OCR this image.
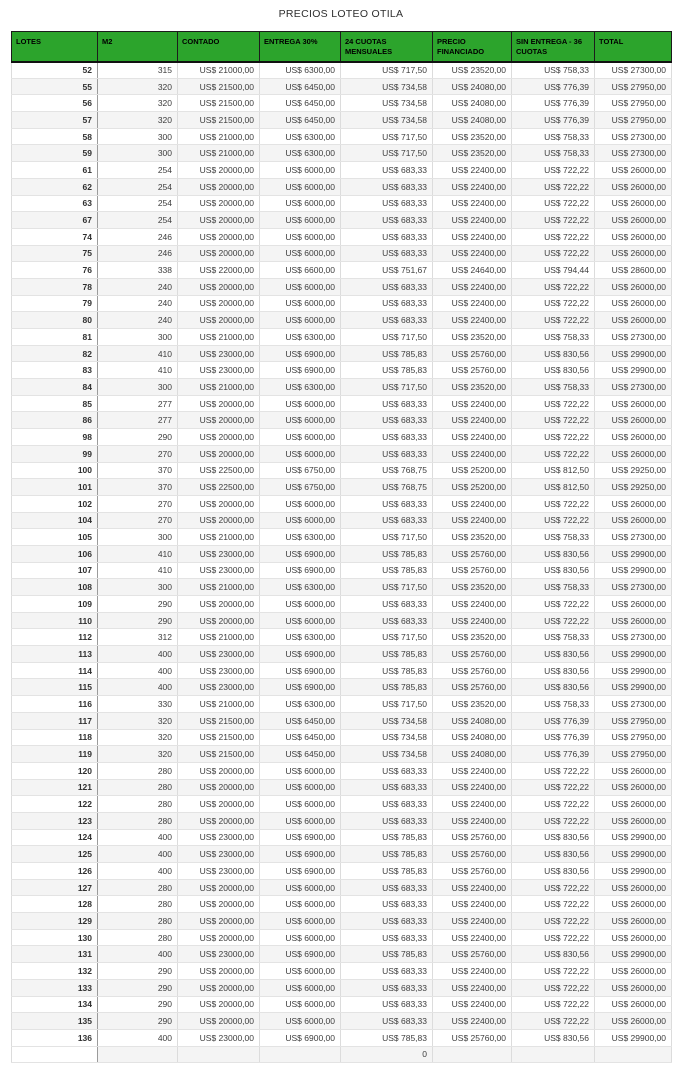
PRECIOS LOTEO OTILA
LOTES	M2	CONTADO	ENTREGA 30%	24 CUOTAS MENSUALES	PRECIO FINANCIADO	SIN ENTREGA - 36 CUOTAS	TOTAL
52	315	US$ 21000,00	US$ 6300,00	US$ 717,50	US$ 23520,00	US$ 758,33	US$ 27300,00
55	320	US$ 21500,00	US$ 6450,00	US$ 734,58	US$ 24080,00	US$ 776,39	US$ 27950,00
56	320	US$ 21500,00	US$ 6450,00	US$ 734,58	US$ 24080,00	US$ 776,39	US$ 27950,00
57	320	US$ 21500,00	US$ 6450,00	US$ 734,58	US$ 24080,00	US$ 776,39	US$ 27950,00
58	300	US$ 21000,00	US$ 6300,00	US$ 717,50	US$ 23520,00	US$ 758,33	US$ 27300,00
59	300	US$ 21000,00	US$ 6300,00	US$ 717,50	US$ 23520,00	US$ 758,33	US$ 27300,00
61	254	US$ 20000,00	US$ 6000,00	US$ 683,33	US$ 22400,00	US$ 722,22	US$ 26000,00
62	254	US$ 20000,00	US$ 6000,00	US$ 683,33	US$ 22400,00	US$ 722,22	US$ 26000,00
63	254	US$ 20000,00	US$ 6000,00	US$ 683,33	US$ 22400,00	US$ 722,22	US$ 26000,00
67	254	US$ 20000,00	US$ 6000,00	US$ 683,33	US$ 22400,00	US$ 722,22	US$ 26000,00
74	246	US$ 20000,00	US$ 6000,00	US$ 683,33	US$ 22400,00	US$ 722,22	US$ 26000,00
75	246	US$ 20000,00	US$ 6000,00	US$ 683,33	US$ 22400,00	US$ 722,22	US$ 26000,00
76	338	US$ 22000,00	US$ 6600,00	US$ 751,67	US$ 24640,00	US$ 794,44	US$ 28600,00
78	240	US$ 20000,00	US$ 6000,00	US$ 683,33	US$ 22400,00	US$ 722,22	US$ 26000,00
79	240	US$ 20000,00	US$ 6000,00	US$ 683,33	US$ 22400,00	US$ 722,22	US$ 26000,00
80	240	US$ 20000,00	US$ 6000,00	US$ 683,33	US$ 22400,00	US$ 722,22	US$ 26000,00
81	300	US$ 21000,00	US$ 6300,00	US$ 717,50	US$ 23520,00	US$ 758,33	US$ 27300,00
82	410	US$ 23000,00	US$ 6900,00	US$ 785,83	US$ 25760,00	US$ 830,56	US$ 29900,00
83	410	US$ 23000,00	US$ 6900,00	US$ 785,83	US$ 25760,00	US$ 830,56	US$ 29900,00
84	300	US$ 21000,00	US$ 6300,00	US$ 717,50	US$ 23520,00	US$ 758,33	US$ 27300,00
85	277	US$ 20000,00	US$ 6000,00	US$ 683,33	US$ 22400,00	US$ 722,22	US$ 26000,00
86	277	US$ 20000,00	US$ 6000,00	US$ 683,33	US$ 22400,00	US$ 722,22	US$ 26000,00
98	290	US$ 20000,00	US$ 6000,00	US$ 683,33	US$ 22400,00	US$ 722,22	US$ 26000,00
99	270	US$ 20000,00	US$ 6000,00	US$ 683,33	US$ 22400,00	US$ 722,22	US$ 26000,00
100	370	US$ 22500,00	US$ 6750,00	US$ 768,75	US$ 25200,00	US$ 812,50	US$ 29250,00
101	370	US$ 22500,00	US$ 6750,00	US$ 768,75	US$ 25200,00	US$ 812,50	US$ 29250,00
102	270	US$ 20000,00	US$ 6000,00	US$ 683,33	US$ 22400,00	US$ 722,22	US$ 26000,00
104	270	US$ 20000,00	US$ 6000,00	US$ 683,33	US$ 22400,00	US$ 722,22	US$ 26000,00
105	300	US$ 21000,00	US$ 6300,00	US$ 717,50	US$ 23520,00	US$ 758,33	US$ 27300,00
106	410	US$ 23000,00	US$ 6900,00	US$ 785,83	US$ 25760,00	US$ 830,56	US$ 29900,00
107	410	US$ 23000,00	US$ 6900,00	US$ 785,83	US$ 25760,00	US$ 830,56	US$ 29900,00
108	300	US$ 21000,00	US$ 6300,00	US$ 717,50	US$ 23520,00	US$ 758,33	US$ 27300,00
109	290	US$ 20000,00	US$ 6000,00	US$ 683,33	US$ 22400,00	US$ 722,22	US$ 26000,00
110	290	US$ 20000,00	US$ 6000,00	US$ 683,33	US$ 22400,00	US$ 722,22	US$ 26000,00
112	312	US$ 21000,00	US$ 6300,00	US$ 717,50	US$ 23520,00	US$ 758,33	US$ 27300,00
113	400	US$ 23000,00	US$ 6900,00	US$ 785,83	US$ 25760,00	US$ 830,56	US$ 29900,00
114	400	US$ 23000,00	US$ 6900,00	US$ 785,83	US$ 25760,00	US$ 830,56	US$ 29900,00
115	400	US$ 23000,00	US$ 6900,00	US$ 785,83	US$ 25760,00	US$ 830,56	US$ 29900,00
116	330	US$ 21000,00	US$ 6300,00	US$ 717,50	US$ 23520,00	US$ 758,33	US$ 27300,00
117	320	US$ 21500,00	US$ 6450,00	US$ 734,58	US$ 24080,00	US$ 776,39	US$ 27950,00
118	320	US$ 21500,00	US$ 6450,00	US$ 734,58	US$ 24080,00	US$ 776,39	US$ 27950,00
119	320	US$ 21500,00	US$ 6450,00	US$ 734,58	US$ 24080,00	US$ 776,39	US$ 27950,00
120	280	US$ 20000,00	US$ 6000,00	US$ 683,33	US$ 22400,00	US$ 722,22	US$ 26000,00
121	280	US$ 20000,00	US$ 6000,00	US$ 683,33	US$ 22400,00	US$ 722,22	US$ 26000,00
122	280	US$ 20000,00	US$ 6000,00	US$ 683,33	US$ 22400,00	US$ 722,22	US$ 26000,00
123	280	US$ 20000,00	US$ 6000,00	US$ 683,33	US$ 22400,00	US$ 722,22	US$ 26000,00
124	400	US$ 23000,00	US$ 6900,00	US$ 785,83	US$ 25760,00	US$ 830,56	US$ 29900,00
125	400	US$ 23000,00	US$ 6900,00	US$ 785,83	US$ 25760,00	US$ 830,56	US$ 29900,00
126	400	US$ 23000,00	US$ 6900,00	US$ 785,83	US$ 25760,00	US$ 830,56	US$ 29900,00
127	280	US$ 20000,00	US$ 6000,00	US$ 683,33	US$ 22400,00	US$ 722,22	US$ 26000,00
128	280	US$ 20000,00	US$ 6000,00	US$ 683,33	US$ 22400,00	US$ 722,22	US$ 26000,00
129	280	US$ 20000,00	US$ 6000,00	US$ 683,33	US$ 22400,00	US$ 722,22	US$ 26000,00
130	280	US$ 20000,00	US$ 6000,00	US$ 683,33	US$ 22400,00	US$ 722,22	US$ 26000,00
131	400	US$ 23000,00	US$ 6900,00	US$ 785,83	US$ 25760,00	US$ 830,56	US$ 29900,00
132	290	US$ 20000,00	US$ 6000,00	US$ 683,33	US$ 22400,00	US$ 722,22	US$ 26000,00
133	290	US$ 20000,00	US$ 6000,00	US$ 683,33	US$ 22400,00	US$ 722,22	US$ 26000,00
134	290	US$ 20000,00	US$ 6000,00	US$ 683,33	US$ 22400,00	US$ 722,22	US$ 26000,00
135	290	US$ 20000,00	US$ 6000,00	US$ 683,33	US$ 22400,00	US$ 722,22	US$ 26000,00
136	400	US$ 23000,00	US$ 6900,00	US$ 785,83	US$ 25760,00	US$ 830,56	US$ 29900,00
				0			
